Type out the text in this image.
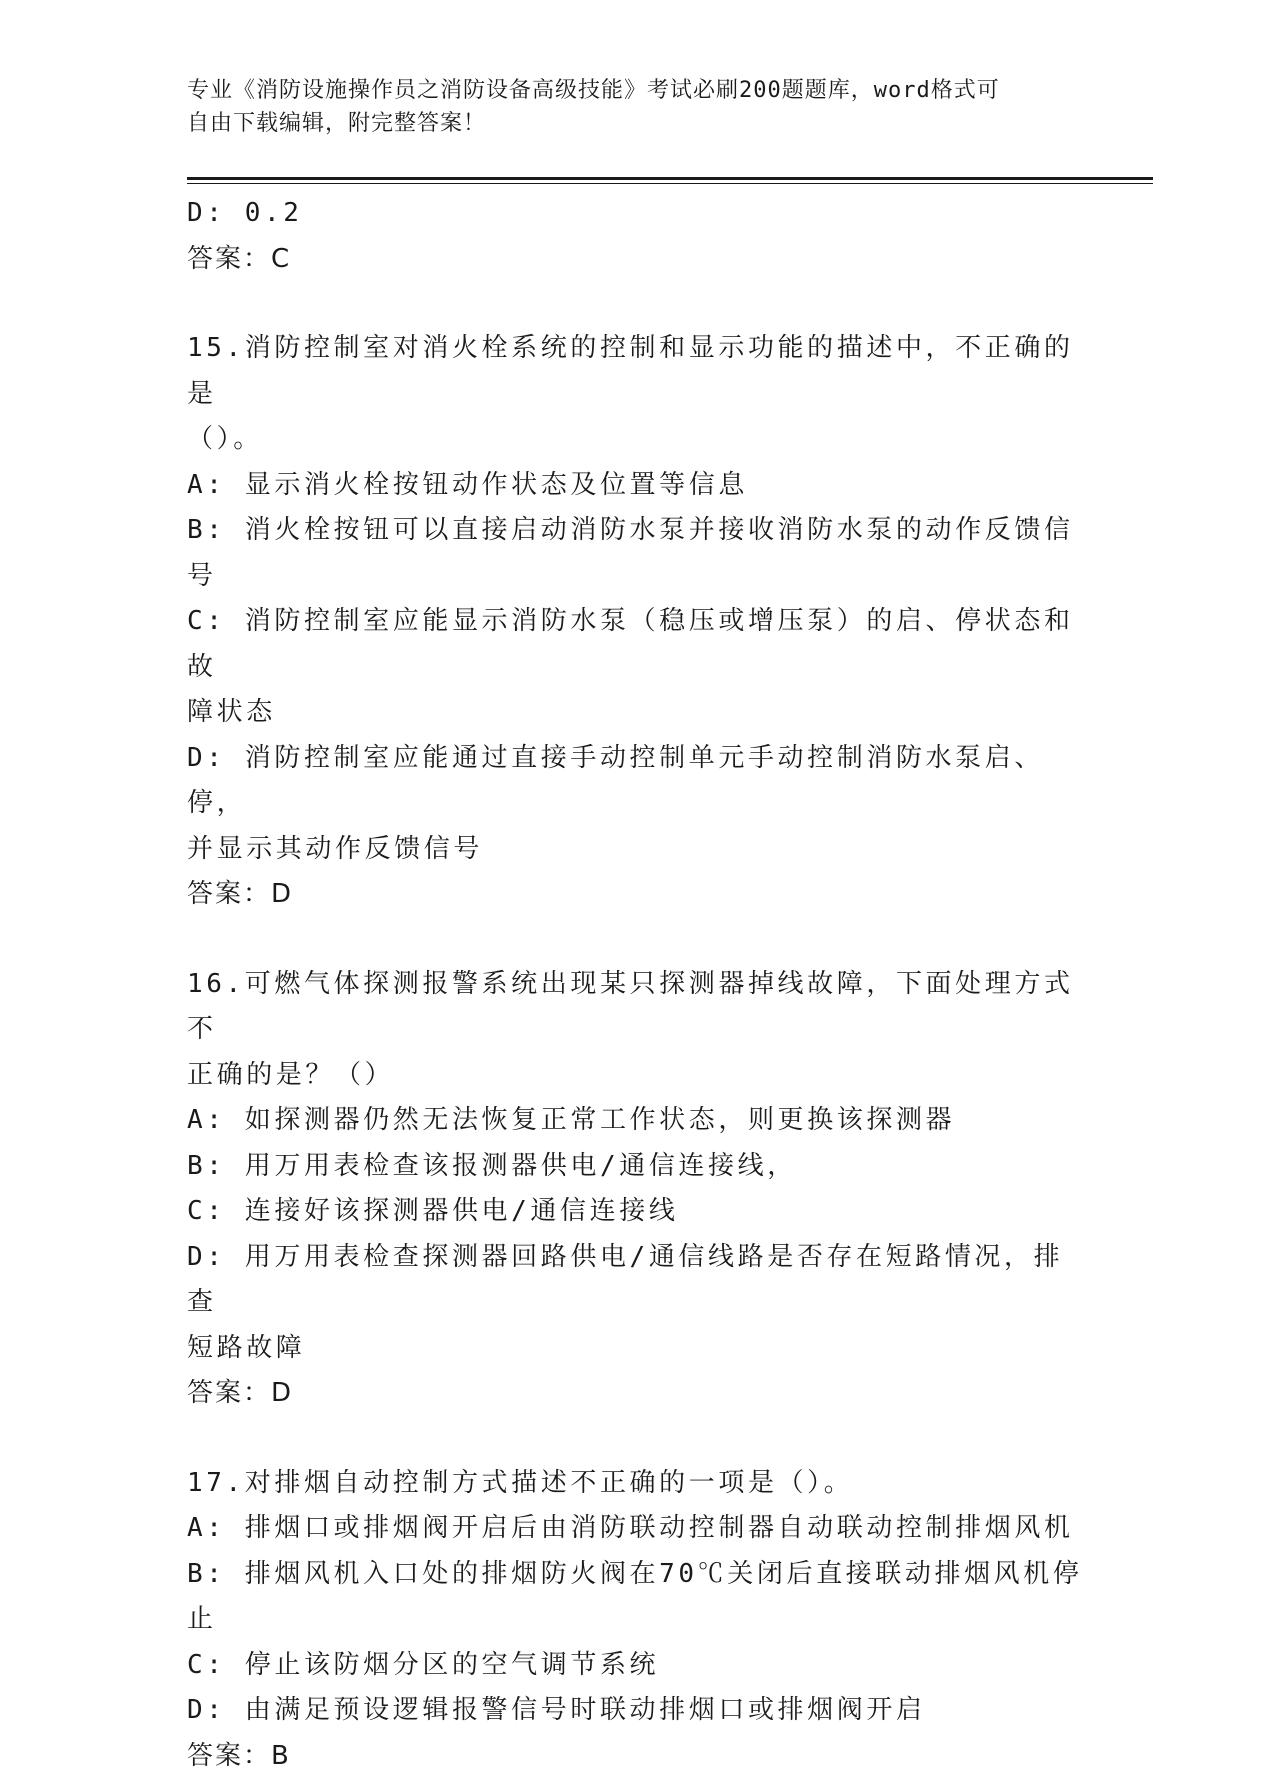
专业《消防设施操作员之消防设备高级技能》考试必刷200题题库，word格式可
自由下载编辑，附完整答案！
D: 0.2
答案：C
15.消防控制室对消火栓系统的控制和显示功能的描述中，不正确的是
（）。
A: 显示消火栓按钮动作状态及位置等信息
B: 消火栓按钮可以直接启动消防水泵并接收消防水泵的动作反馈信号
C: 消防控制室应能显示消防水泵（稳压或增压泵）的启、停状态和故
障状态
D: 消防控制室应能通过直接手动控制单元手动控制消防水泵启、停，
并显示其动作反馈信号
答案：D
16.可燃气体探测报警系统出现某只探测器掉线故障，下面处理方式不
正确的是？（）
A: 如探测器仍然无法恢复正常工作状态，则更换该探测器
B: 用万用表检查该报测器供电/通信连接线，
C: 连接好该探测器供电/通信连接线
D: 用万用表检查探测器回路供电/通信线路是否存在短路情况，排查
短路故障
答案：D
17.对排烟自动控制方式描述不正确的一项是（）。
A: 排烟口或排烟阀开启后由消防联动控制器自动联动控制排烟风机
B: 排烟风机入口处的排烟防火阀在70℃关闭后直接联动排烟风机停止
C: 停止该防烟分区的空气调节系统
D: 由满足预设逻辑报警信号时联动排烟口或排烟阀开启
答案：B
